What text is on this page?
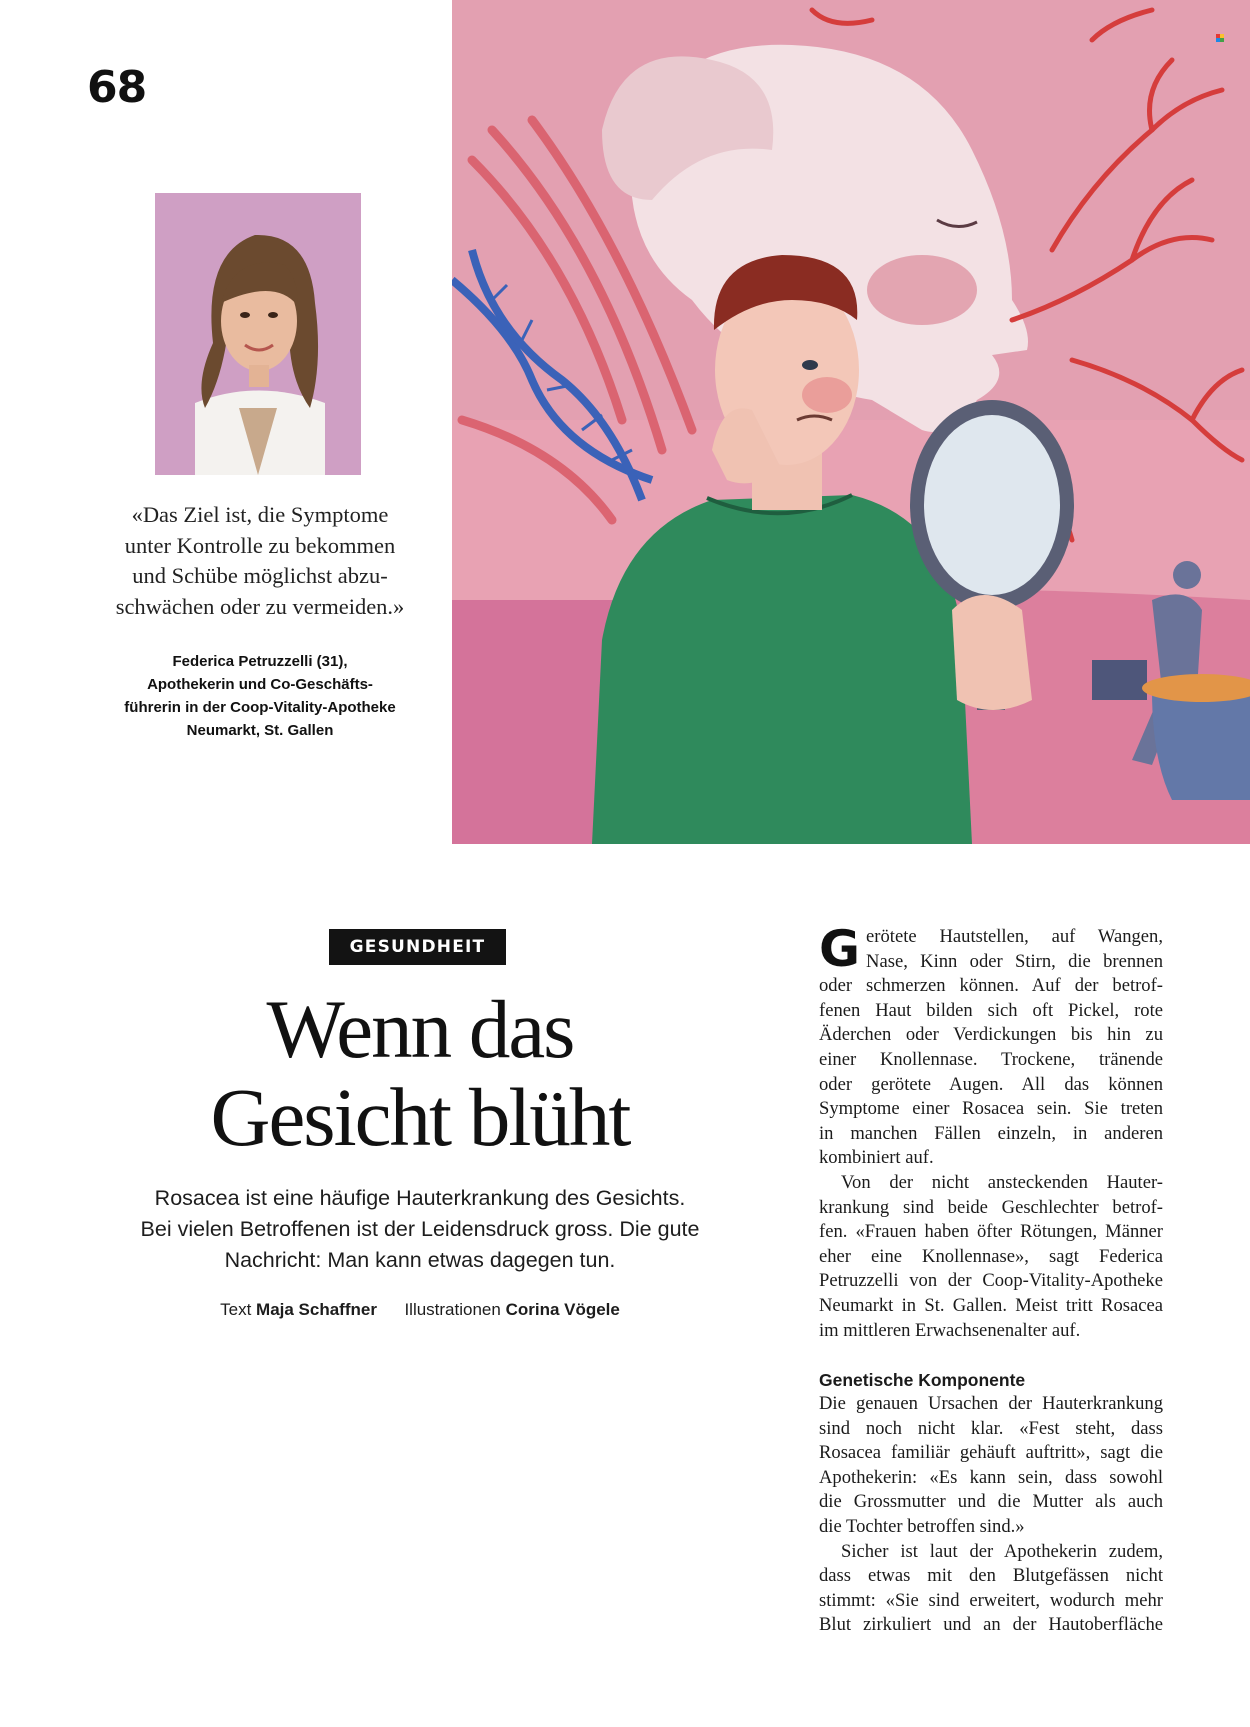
68
«Das Ziel ist, die Symptome
unter Kontrolle zu bekommen
und Schübe möglichst abzu-
schwächen oder zu vermeiden.»
Federica Petruzzelli (31),
Apothekerin und Co-Geschäfts-
führerin in der Coop-Vitality-Apotheke
Neumarkt, St. Gallen
GESUNDHEIT
Wenn das
Gesicht blüht
Rosacea ist eine häufige Hauterkrankung des Gesichts.
Bei vielen Betroffenen ist der Leidensdruck gross. Die gute
Nachricht: Man kann etwas dagegen tun.
Text Maja Schaffner Illustrationen Corina Vögele
G erötete Hautstellen, auf Wangen,
Nase, Kinn oder Stirn, die brennen
oder schmerzen können. Auf der betrof-
fenen Haut bilden sich oft Pickel, rote
Äderchen oder Verdickungen bis hin zu
einer Knollennase. Trockene, tränende
oder gerötete Augen. All das können
Symptome einer Rosacea sein. Sie treten
in manchen Fällen einzeln, in anderen
kombiniert auf.
Von der nicht ansteckenden Hauter-
krankung sind beide Geschlechter betrof-
fen. «Frauen haben öfter Rötungen, Männer
eher eine Knollennase», sagt Federica
Petruzzelli von der Coop-Vitality-Apotheke
Neumarkt in St. Gallen. Meist tritt Rosacea
im mittleren Erwachsenenalter auf.
Genetische Komponente
Die genauen Ursachen der Hauterkrankung
sind noch nicht klar. «Fest steht, dass
Rosacea familiär gehäuft auftritt», sagt die
Apothekerin: «Es kann sein, dass sowohl
die Grossmutter und die Mutter als auch
die Tochter betroffen sind.»
Sicher ist laut der Apothekerin zudem,
dass etwas mit den Blutgefässen nicht
stimmt: «Sie sind erweitert, wodurch mehr
Blut zirkuliert und an der Hautoberfläche
